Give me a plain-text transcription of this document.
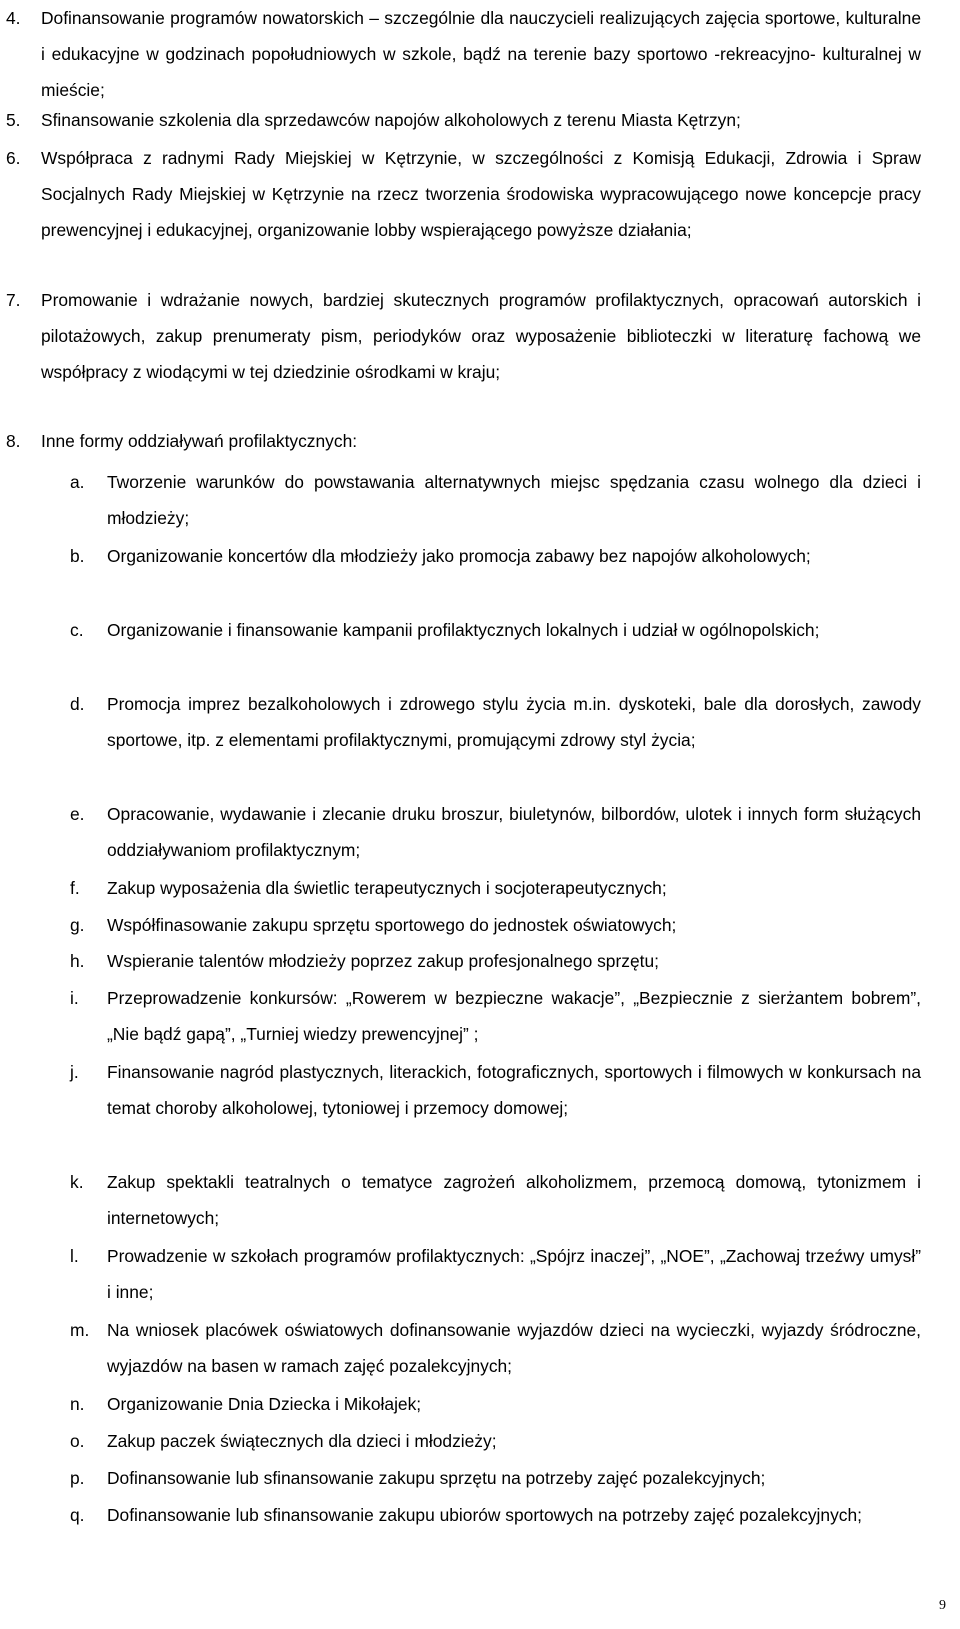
4. Dofinansowanie programów nowatorskich – szczególnie dla nauczycieli realizujących zajęcia sportowe, kulturalne i edukacyjne w godzinach popołudniowych w szkole, bądź na terenie bazy sportowo -rekreacyjno- kulturalnej w mieście;
5. Sfinansowanie szkolenia dla sprzedawców napojów alkoholowych z terenu Miasta Kętrzyn;
6. Współpraca z radnymi Rady Miejskiej w Kętrzynie, w szczególności z Komisją Edukacji, Zdrowia i Spraw Socjalnych Rady Miejskiej w Kętrzynie na rzecz tworzenia środowiska wypracowującego nowe koncepcje pracy prewencyjnej i edukacyjnej, organizowanie lobby wspierającego powyższe działania;
7. Promowanie i wdrażanie nowych, bardziej skutecznych programów profilaktycznych, opracowań autorskich i pilotażowych, zakup prenumeraty pism, periodyków oraz wyposażenie biblioteczki w literaturę fachową we współpracy z wiodącymi w tej dziedzinie ośrodkami w kraju;
8. Inne formy oddziaływań profilaktycznych:
a. Tworzenie warunków do powstawania alternatywnych miejsc spędzania czasu wolnego dla dzieci i młodzieży;
b. Organizowanie koncertów dla młodzieży jako promocja zabawy bez napojów alkoholowych;
c. Organizowanie i finansowanie kampanii profilaktycznych lokalnych i udział w ogólnopolskich;
d. Promocja imprez bezalkoholowych i zdrowego stylu życia m.in. dyskoteki, bale dla dorosłych, zawody sportowe, itp. z elementami profilaktycznymi, promującymi zdrowy styl życia;
e. Opracowanie, wydawanie i zlecanie druku broszur, biuletynów, bilbordów, ulotek i innych form służących oddziaływaniom profilaktycznym;
f. Zakup wyposażenia dla świetlic terapeutycznych i socjoterapeutycznych;
g. Współfinasowanie zakupu sprzętu sportowego do jednostek oświatowych;
h. Wspieranie talentów młodzieży poprzez zakup profesjonalnego sprzętu;
i. Przeprowadzenie konkursów: „Rowerem w bezpieczne wakacje”, „Bezpiecznie z sierżantem bobrem”, „Nie bądź gapą”, „Turniej wiedzy prewencyjnej” ;
j. Finansowanie nagród plastycznych, literackich, fotograficznych, sportowych i filmowych w konkursach na temat choroby alkoholowej, tytoniowej i przemocy domowej;
k. Zakup spektakli teatralnych o tematyce zagrożeń alkoholizmem, przemocą domową, tytonizmem i internetowych;
l. Prowadzenie w szkołach programów profilaktycznych: „Spójrz inaczej”, „NOE”, „Zachowaj trzeźwy umysł” i inne;
m. Na wniosek placówek oświatowych dofinansowanie wyjazdów dzieci na wycieczki, wyjazdy śródroczne, wyjazdów na basen w ramach zajęć pozalekcyjnych;
n. Organizowanie Dnia Dziecka i Mikołajek;
o. Zakup paczek świątecznych dla dzieci i młodzieży;
p. Dofinansowanie lub sfinansowanie zakupu sprzętu na potrzeby zajęć pozalekcyjnych;
q. Dofinansowanie lub sfinansowanie zakupu ubiorów sportowych na potrzeby zajęć pozalekcyjnych;
9
